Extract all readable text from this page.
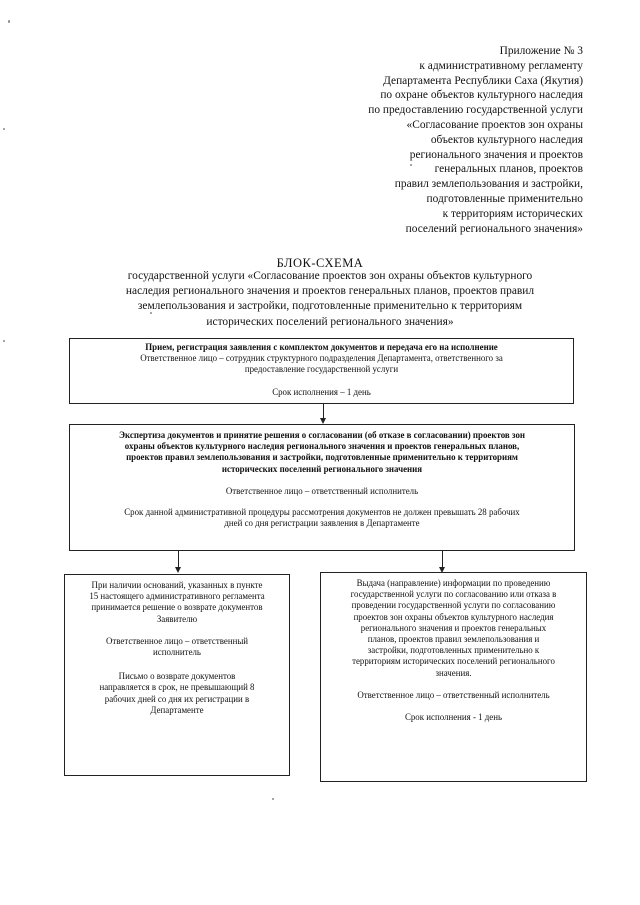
Приложение № 3
к административному регламенту
Департамента Республики Саха (Якутия)
по охране объектов культурного наследия
по предоставлению государственной услуги
«Согласование проектов зон охраны
объектов культурного наследия
регионального значения и проектов
генеральных планов, проектов
правил землепользования и застройки,
подготовленные применительно
к территориям исторических
поселений регионального значения»
БЛОК-СХЕМА
государственной услуги «Согласование проектов зон охраны объектов культурного
наследия регионального значения и проектов генеральных планов, проектов правил
землепользования и застройки, подготовленные применительно к территориям
исторических поселений регионального значения»
Прием, регистрация заявления с комплектом документов и передача его на исполнение
Ответственное лицо – сотрудник структурного подразделения Департамента, ответственного за
предоставление государственной услуги
Срок исполнения – 1 день
Экспертиза документов и принятие решения о согласовании (об отказе в согласовании) проектов зон
охраны объектов культурного наследия регионального значения и проектов генеральных планов,
проектов правил землепользования и застройки, подготовленные применительно к территориям
исторических поселений регионального значения
Ответственное лицо – ответственный исполнитель
Срок данной административной процедуры рассмотрения документов не должен превышать 28 рабочих
дней со дня регистрации заявления в Департаменте
При наличии оснований, указанных в пункте
15 настоящего административного регламента
принимается решение о возврате документов
Заявителю
Ответственное лицо – ответственный
исполнитель
Письмо о возврате документов
направляется в срок, не превышающий 8
рабочих дней со дня их регистрации в
Департаменте
Выдача (направление) информации по проведению
государственной услуги по согласованию или отказа в
проведении государственной услуги по согласованию
проектов зон охраны объектов культурного наследия
регионального значения и проектов генеральных
планов, проектов правил землепользования и
застройки, подготовленных применительно к
территориям исторических поселений регионального
значения.
Ответственное лицо – ответственный исполнитель
Срок исполнения - 1 день
